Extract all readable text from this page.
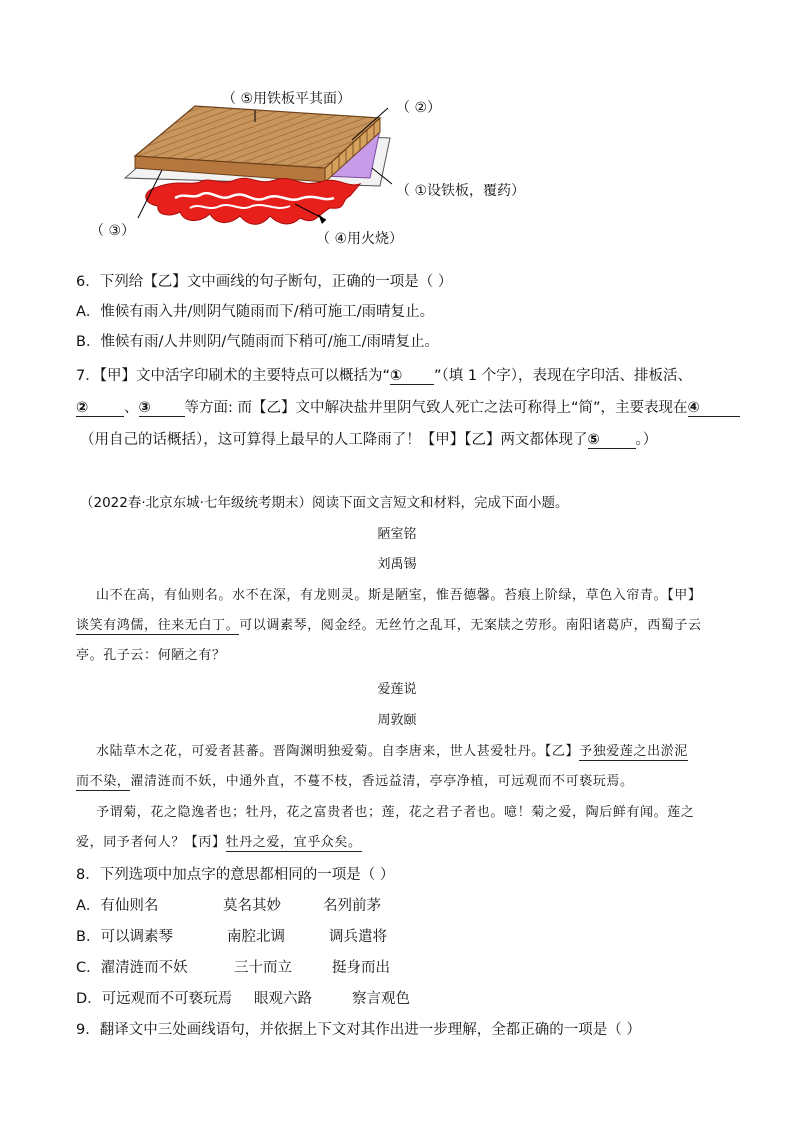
（ ⑤用铁板平其面）
（ ②）
（ ①设铁板，覆药）
（ ③）	（ ④用火烧）
6．下列给【乙】文中画线的句子断句，正确的一项是（ ）
A．惟候有雨入井/则阴气随雨而下/稍可施工/雨晴复止。
B．惟候有雨/人井则阴/气随雨而下稍可/施工/雨晴复止。
7．【甲】文中活字印刷术的主要特点可以概括为“① ”（填 1 个字），表现在字印活、排板活、
② 、③ 等方面: 而【乙】文中解决盐井里阴气致人死亡之法可称得上“简”，主要表现在④
（用自己的话概括），这可算得上最早的人工降雨了！【甲】【乙】两文都体现了⑤ 。）
（2022春·北京东城·七年级统考期末）阅读下面文言短文和材料，完成下面小题。
陋室铭
刘禹锡
山不在高，有仙则名。水不在深，有龙则灵。斯是陋室，惟吾德馨。苔痕上阶绿，草色入帘青。【甲】
谈笑有鸿儒，往来无白丁。可以调素琴，阅金经。无丝竹之乱耳，无案牍之劳形。南阳诸葛庐，西蜀子云
亭。孔子云：何陋之有？
爱莲说
周敦颐
水陆草木之花，可爱者甚蕃。晋陶渊明独爱菊。自李唐来，世人甚爱牡丹。【乙】予独爱莲之出淤泥
而不染，濯清涟而不妖，中通外直，不蔓不枝，香远益清，亭亭净植，可远观而不可亵玩焉。
予谓菊，花之隐逸者也；牡丹，花之富贵者也；莲，花之君子者也。噫！菊之爱，陶后鲜有闻。莲之
爱，同予者何人？【丙】牡丹之爱，宜乎众矣。
8．下列选项中加点字的意思都相同的一项是（ ）
A．有仙则名	莫名其妙	名列前茅
B．可以调素琴	南腔北调	调兵遣将
C．濯清涟而不妖	三十而立	挺身而出
D．可远观而不可亵玩焉 眼观六路	察言观色
9．翻译文中三处画线语句，并依据上下文对其作出进一步理解，全都正确的一项是（ ）
